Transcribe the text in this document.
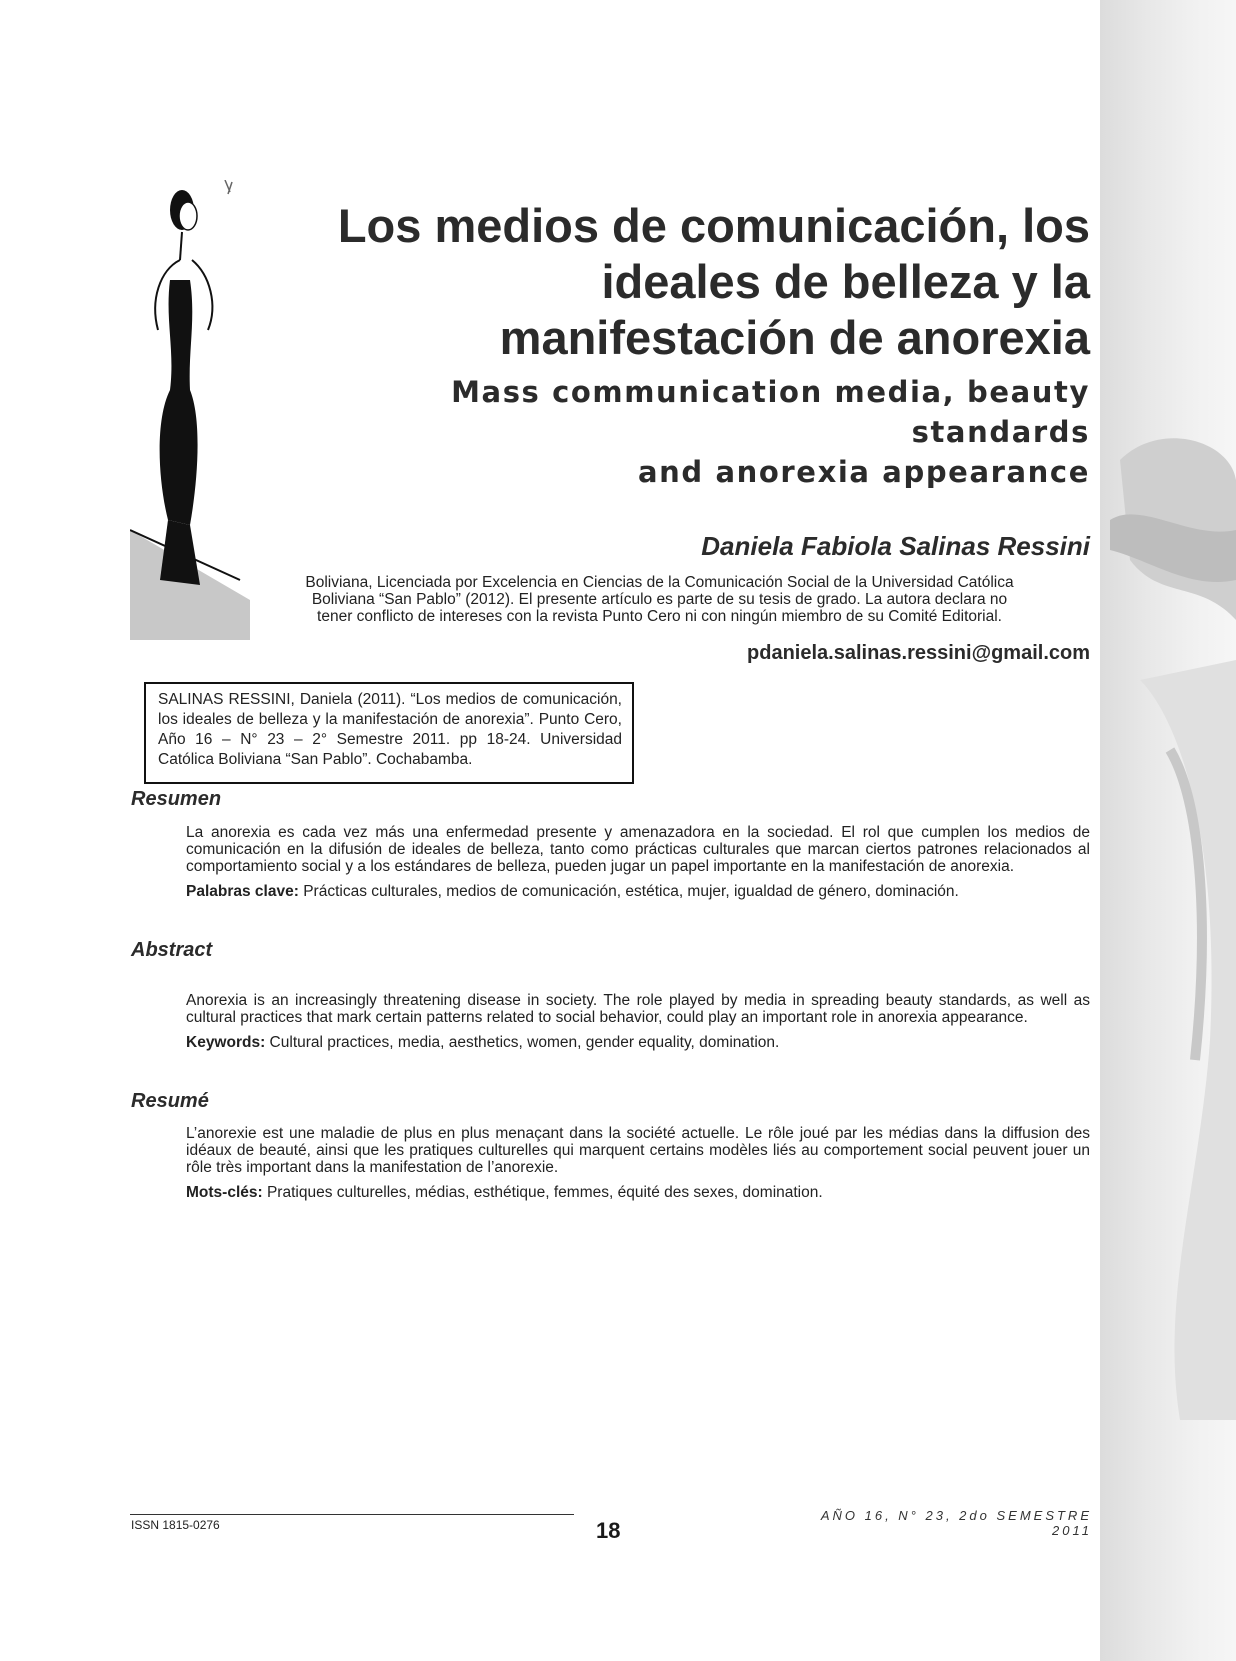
Los medios de comunicación, los

ideales de belleza y la

manifestación de anorexia

Mass communication media, beauty standards
and anorexia appearance
Daniela Fabiola Salinas Ressini
Boliviana, Licenciada por Excelencia en Ciencias de la Comunicación Social de la Universidad Católica
Boliviana “San Pablo” (2012). El presente artículo es parte de su tesis de grado. La autora declara no
tener conflicto de intereses con la revista Punto Cero ni con ningún miembro de su Comité Editorial.
pdaniela.salinas.ressini@gmail.com
SALINAS RESSINI, Daniela (2011). “Los medios de comunicación, los ideales de belleza y la manifestación de anorexia”. Punto Cero, Año 16 – N° 23 – 2° Semestre 2011. pp 18-24. Universidad Católica Boliviana “San Pablo”. Cochabamba.
Resumen
La anorexia es cada vez más una enfermedad presente y amenazadora en la sociedad. El rol que cumplen los medios de comunicación en la difusión de ideales de belleza, tanto como prácticas culturales que marcan ciertos patrones relacionados al comportamiento social y a los estándares de belleza, pueden jugar un papel importante en la manifestación de anorexia.
Palabras clave: Prácticas culturales, medios de comunicación, estética, mujer, igualdad de género, dominación.
Abstract
Anorexia is an increasingly threatening disease in society. The role played by media in spreading beauty standards, as well as cultural practices that mark certain patterns related to social behavior, could play an important role in anorexia appearance.
Keywords: Cultural practices, media, aesthetics, women, gender equality, domination.
Resumé
L’anorexie est une maladie de plus en plus menaçant dans la société actuelle. Le rôle joué par les médias dans la diffusion des idéaux de beauté, ainsi que les pratiques culturelles qui marquent certains modèles liés au comportement social peuvent jouer un rôle très important dans la manifestation de l’anorexie.
Mots-clés: Pratiques culturelles, médias, esthétique, femmes, équité des sexes, domination.
ISSN 1815-0276	18
AÑO 16, N° 23, 2do SEMESTRE 2011
